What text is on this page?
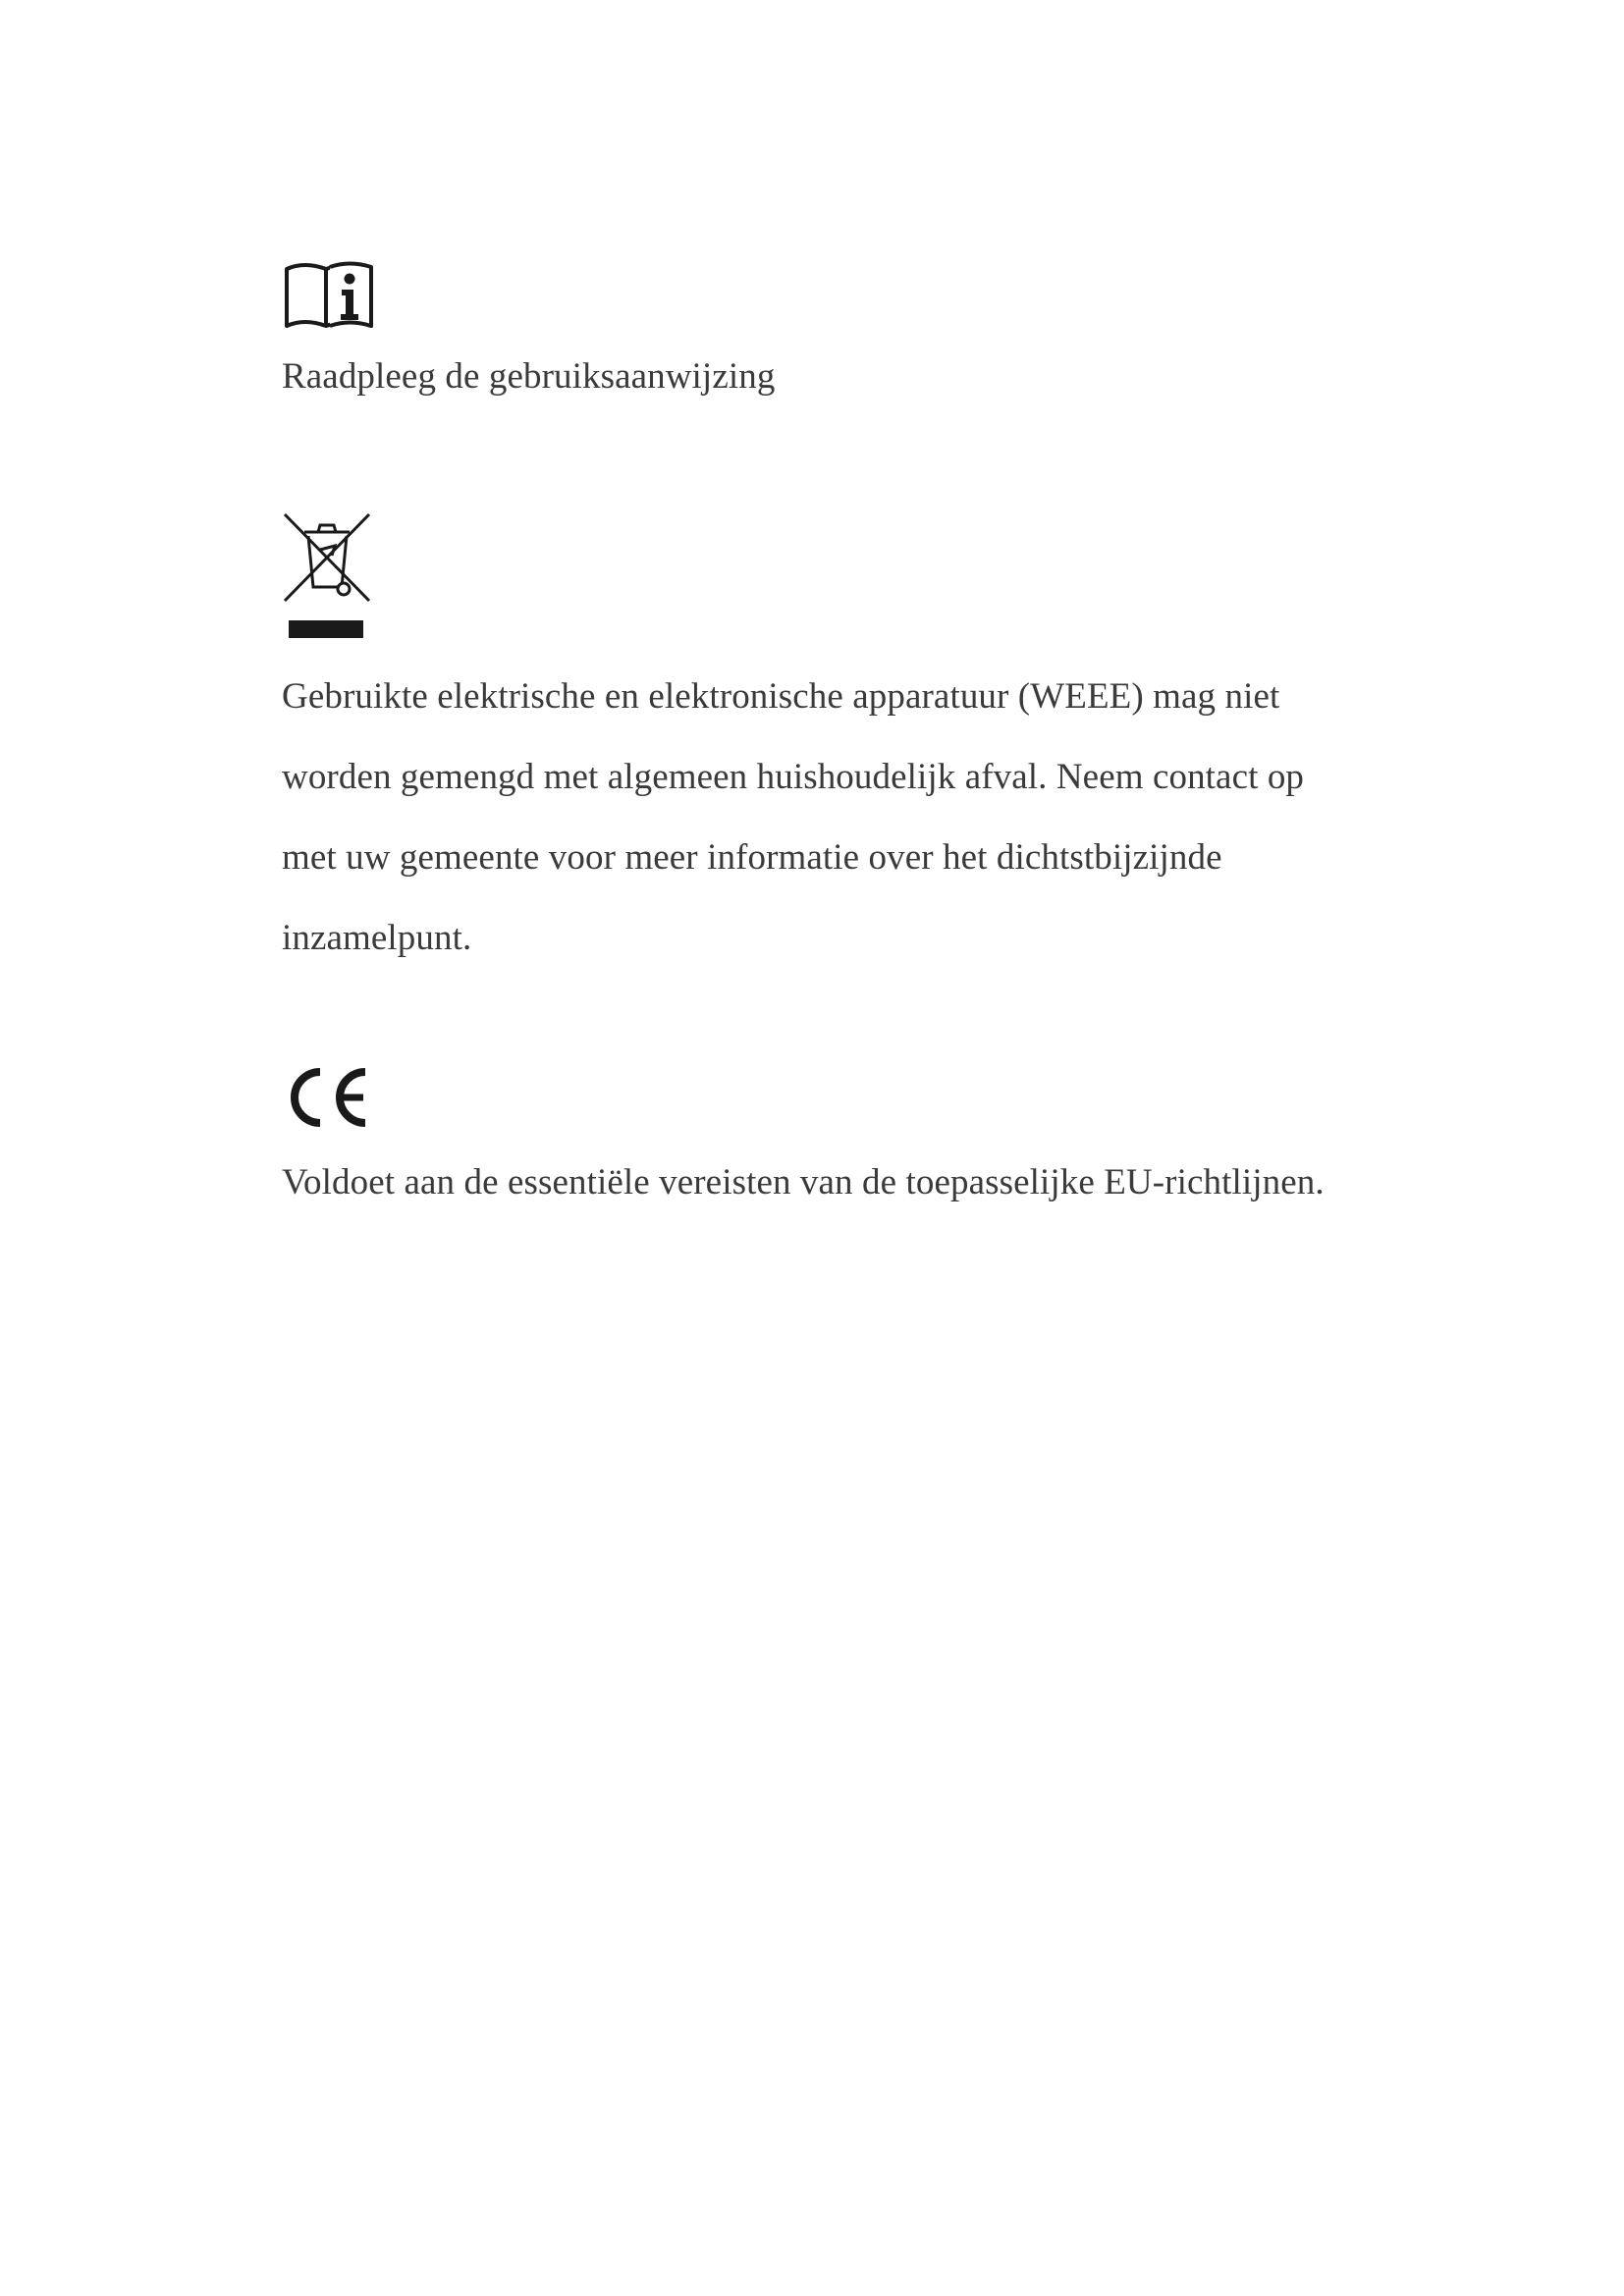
Raadpleeg de gebruiksaanwijzing
Gebruikte elektrische en elektronische apparatuur (WEEE) mag niet
worden gemengd met algemeen huishoudelijk afval. Neem contact op
met uw gemeente voor meer informatie over het dichtstbijzijnde
inzamelpunt.
Voldoet aan de essentiële vereisten van de toepasselijke EU-richtlijnen.
